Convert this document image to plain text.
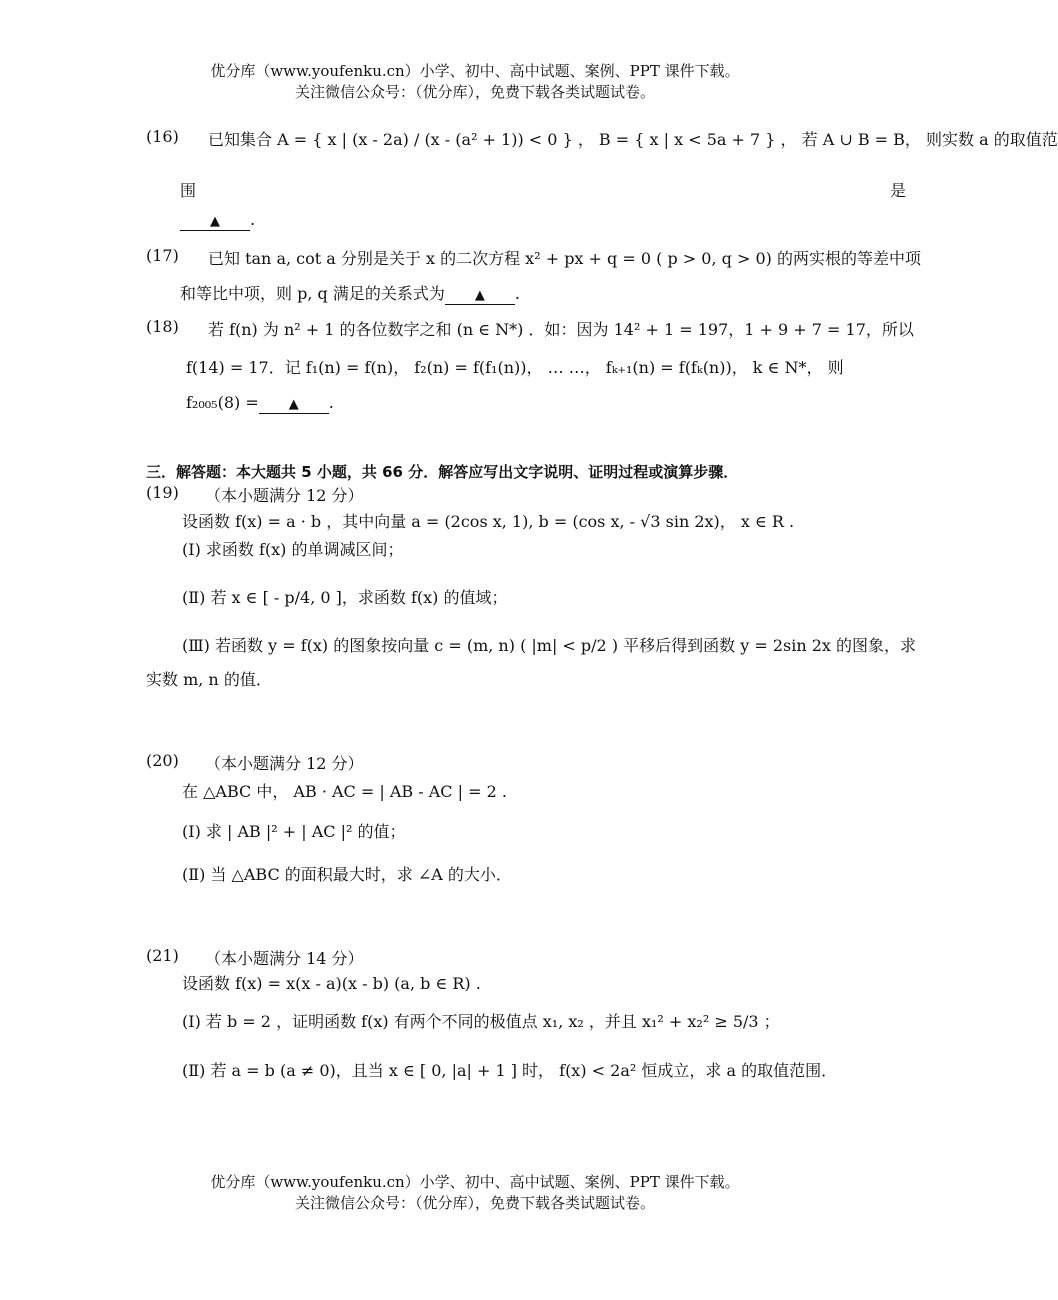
优分库（www.youfenku.cn）小学、初中、高中试题、案例、PPT 课件下载。
关注微信公众号：（优分库），免费下载各类试题试卷。
(16) 已知集合 A = { x | (x - 2a) / (x - (a² + 1)) < 0 } ， B = { x | x < 5a + 7 } ， 若 A ∪ B = B， 则实数 a 的取值范
围	是
▲ .
(17) 已知 tan a, cot a 分别是关于 x 的二次方程 x² + px + q = 0 ( p > 0, q > 0) 的两实根的等差中项
和等比中项，则 p, q 满足的关系式为 ▲ .
(18) 若 f(n) 为 n² + 1 的各位数字之和 (n ∈ N*) ．如：因为 14² + 1 = 197，1 + 9 + 7 = 17，所以
f(14) = 17．记 f₁(n) = f(n)， f₂(n) = f(f₁(n))， … …， fₖ₊₁(n) = f(fₖ(n))， k ∈ N*， 则
f₂₀₀₅(8) = ▲ .
三．解答题：本大题共 5 小题，共 66 分．解答应写出文字说明、证明过程或演算步骤．
(19) （本小题满分 12 分）
设函数 f(x) = a · b ，其中向量 a = (2cos x, 1), b = (cos x, - √3 sin 2x)， x ∈ R .
(Ⅰ) 求函数 f(x) 的单调减区间；
(Ⅱ) 若 x ∈ [ - p/4, 0 ]，求函数 f(x) 的值域；
(Ⅲ) 若函数 y = f(x) 的图象按向量 c = (m, n) ( |m| < p/2 ) 平移后得到函数 y = 2sin 2x 的图象，求
实数 m, n 的值．
(20) （本小题满分 12 分）
在 △ABC 中， AB · AC = | AB - AC | = 2 .
(Ⅰ) 求 | AB |² + | AC |² 的值；
(Ⅱ) 当 △ABC 的面积最大时，求 ∠A 的大小．
(21) （本小题满分 14 分）
设函数 f(x) = x(x - a)(x - b) (a, b ∈ R) .
(Ⅰ) 若 b = 2 ，证明函数 f(x) 有两个不同的极值点 x₁, x₂ ，并且 x₁² + x₂² ≥ 5/3 ；
(Ⅱ) 若 a = b (a ≠ 0)，且当 x ∈ [ 0, |a| + 1 ] 时， f(x) < 2a² 恒成立，求 a 的取值范围．
优分库（www.youfenku.cn）小学、初中、高中试题、案例、PPT 课件下载。
关注微信公众号：（优分库），免费下载各类试题试卷。
